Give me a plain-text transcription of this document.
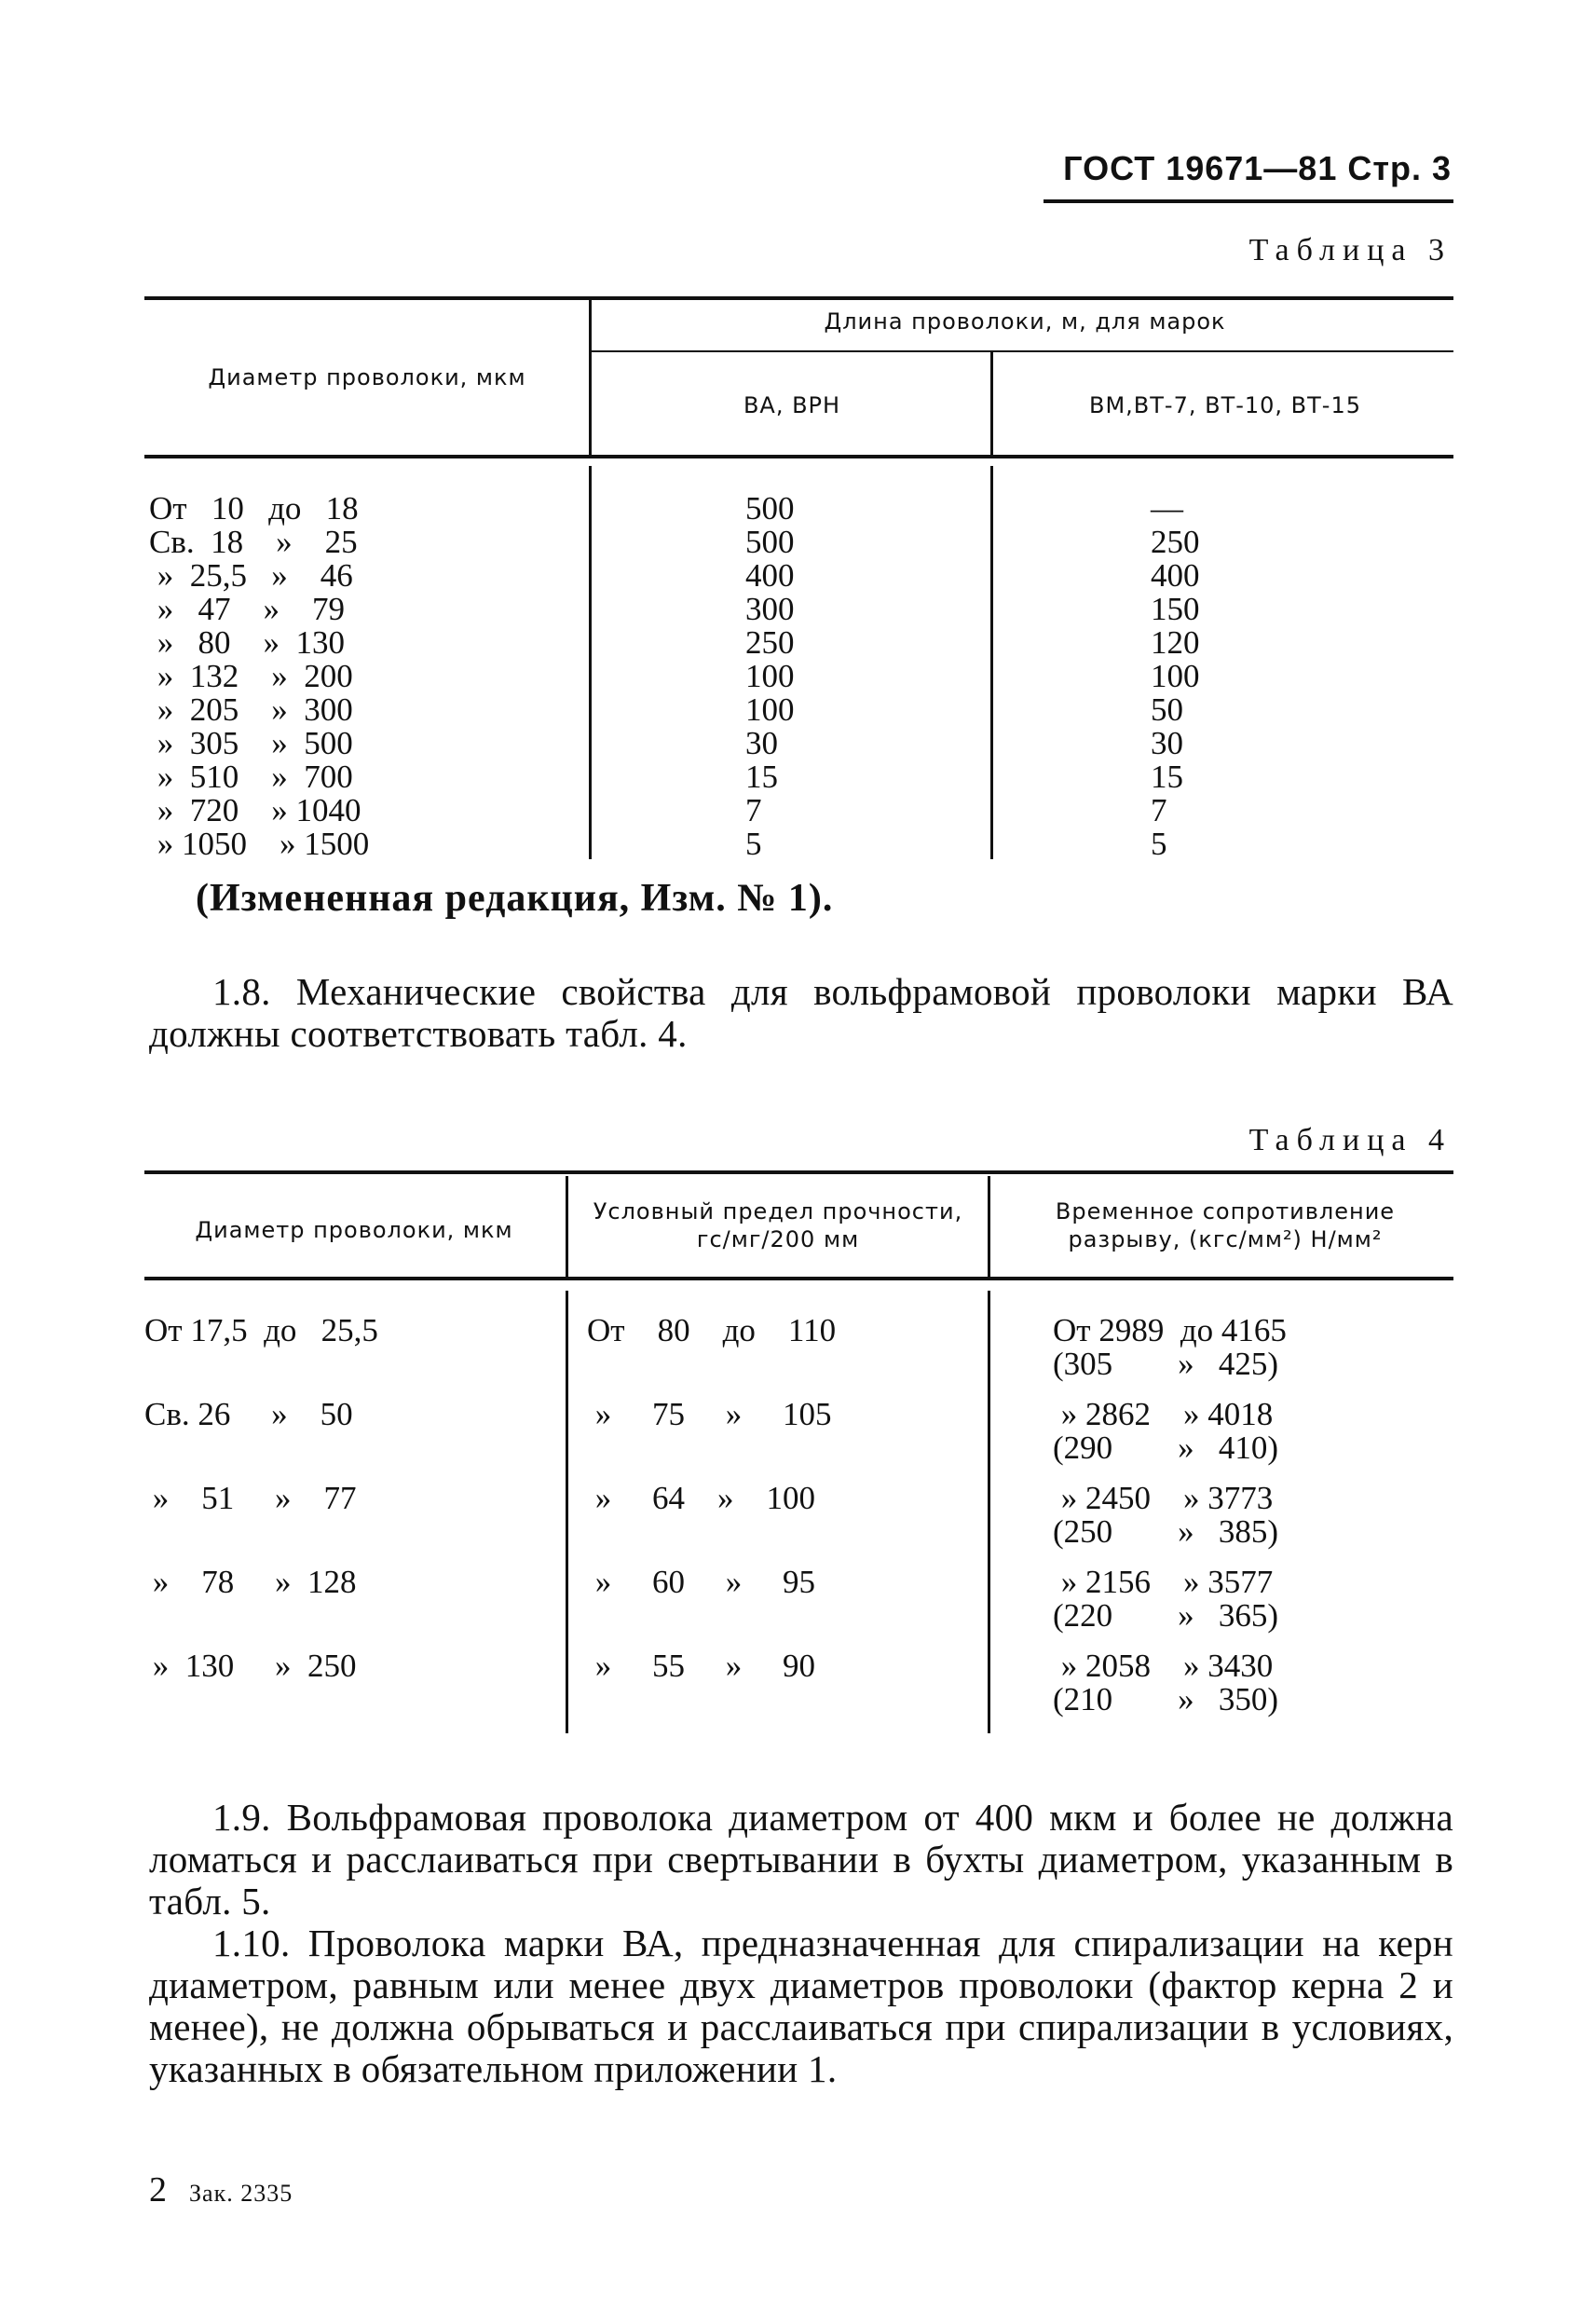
ГОСТ 19671—81 Стр. 3
Таблица 3
Диаметр проволоки, мкм
Длина проволоки, м, для марок
ВА, ВРН	ВМ,ВТ-7, ВТ-10, ВТ-15
От   10   до   18	500	—
Св.  18    »    25	500	250
»  25,5   »    46	400	400
»   47    »    79	300	150
»   80    »  130	250	120
»  132    »  200	100	100
»  205    »  300	100	50
»  305    »  500	30	30
»  510    »  700	15	15
»  720    » 1040	7	7
» 1050    » 1500	5	5
(Измененная редакция, Изм. № 1).
1.8. Механические свойства для вольфрамовой проволоки марки ВА должны соответствовать табл. 4.
Таблица 4
Диаметр проволоки, мкм
Условный предел прочности, гс/мг/200 мм
Временное сопротивление разрыву, (кгс/мм²) Н/мм²
От 17,5  до   25,5	От    80    до    110	От 2989  до 4165
(305        »   425)
Св. 26     »    50	»     75     »     105	» 2862    » 4018
(290        »   410)
»    51     »    77	»     64    »    100	» 2450    » 3773
(250        »   385)
»    78     »  128	»     60     »     95	» 2156    » 3577
(220        »   365)
»  130     »  250	»     55     »     90	» 2058    » 3430
(210        »   350)
1.9. Вольфрамовая проволока диаметром от 400 мкм и более не должна ломаться и расслаиваться при свертывании в бухты диаметром, указанным в табл. 5.
1.10. Проволока марки ВА, предназначенная для спирализации на керн диаметром, равным или менее двух диаметров проволоки (фактор керна 2 и менее), не должна обрываться и расслаиваться при спирализации в условиях, указанных в обязательном приложении 1.
2 Зак. 2335
